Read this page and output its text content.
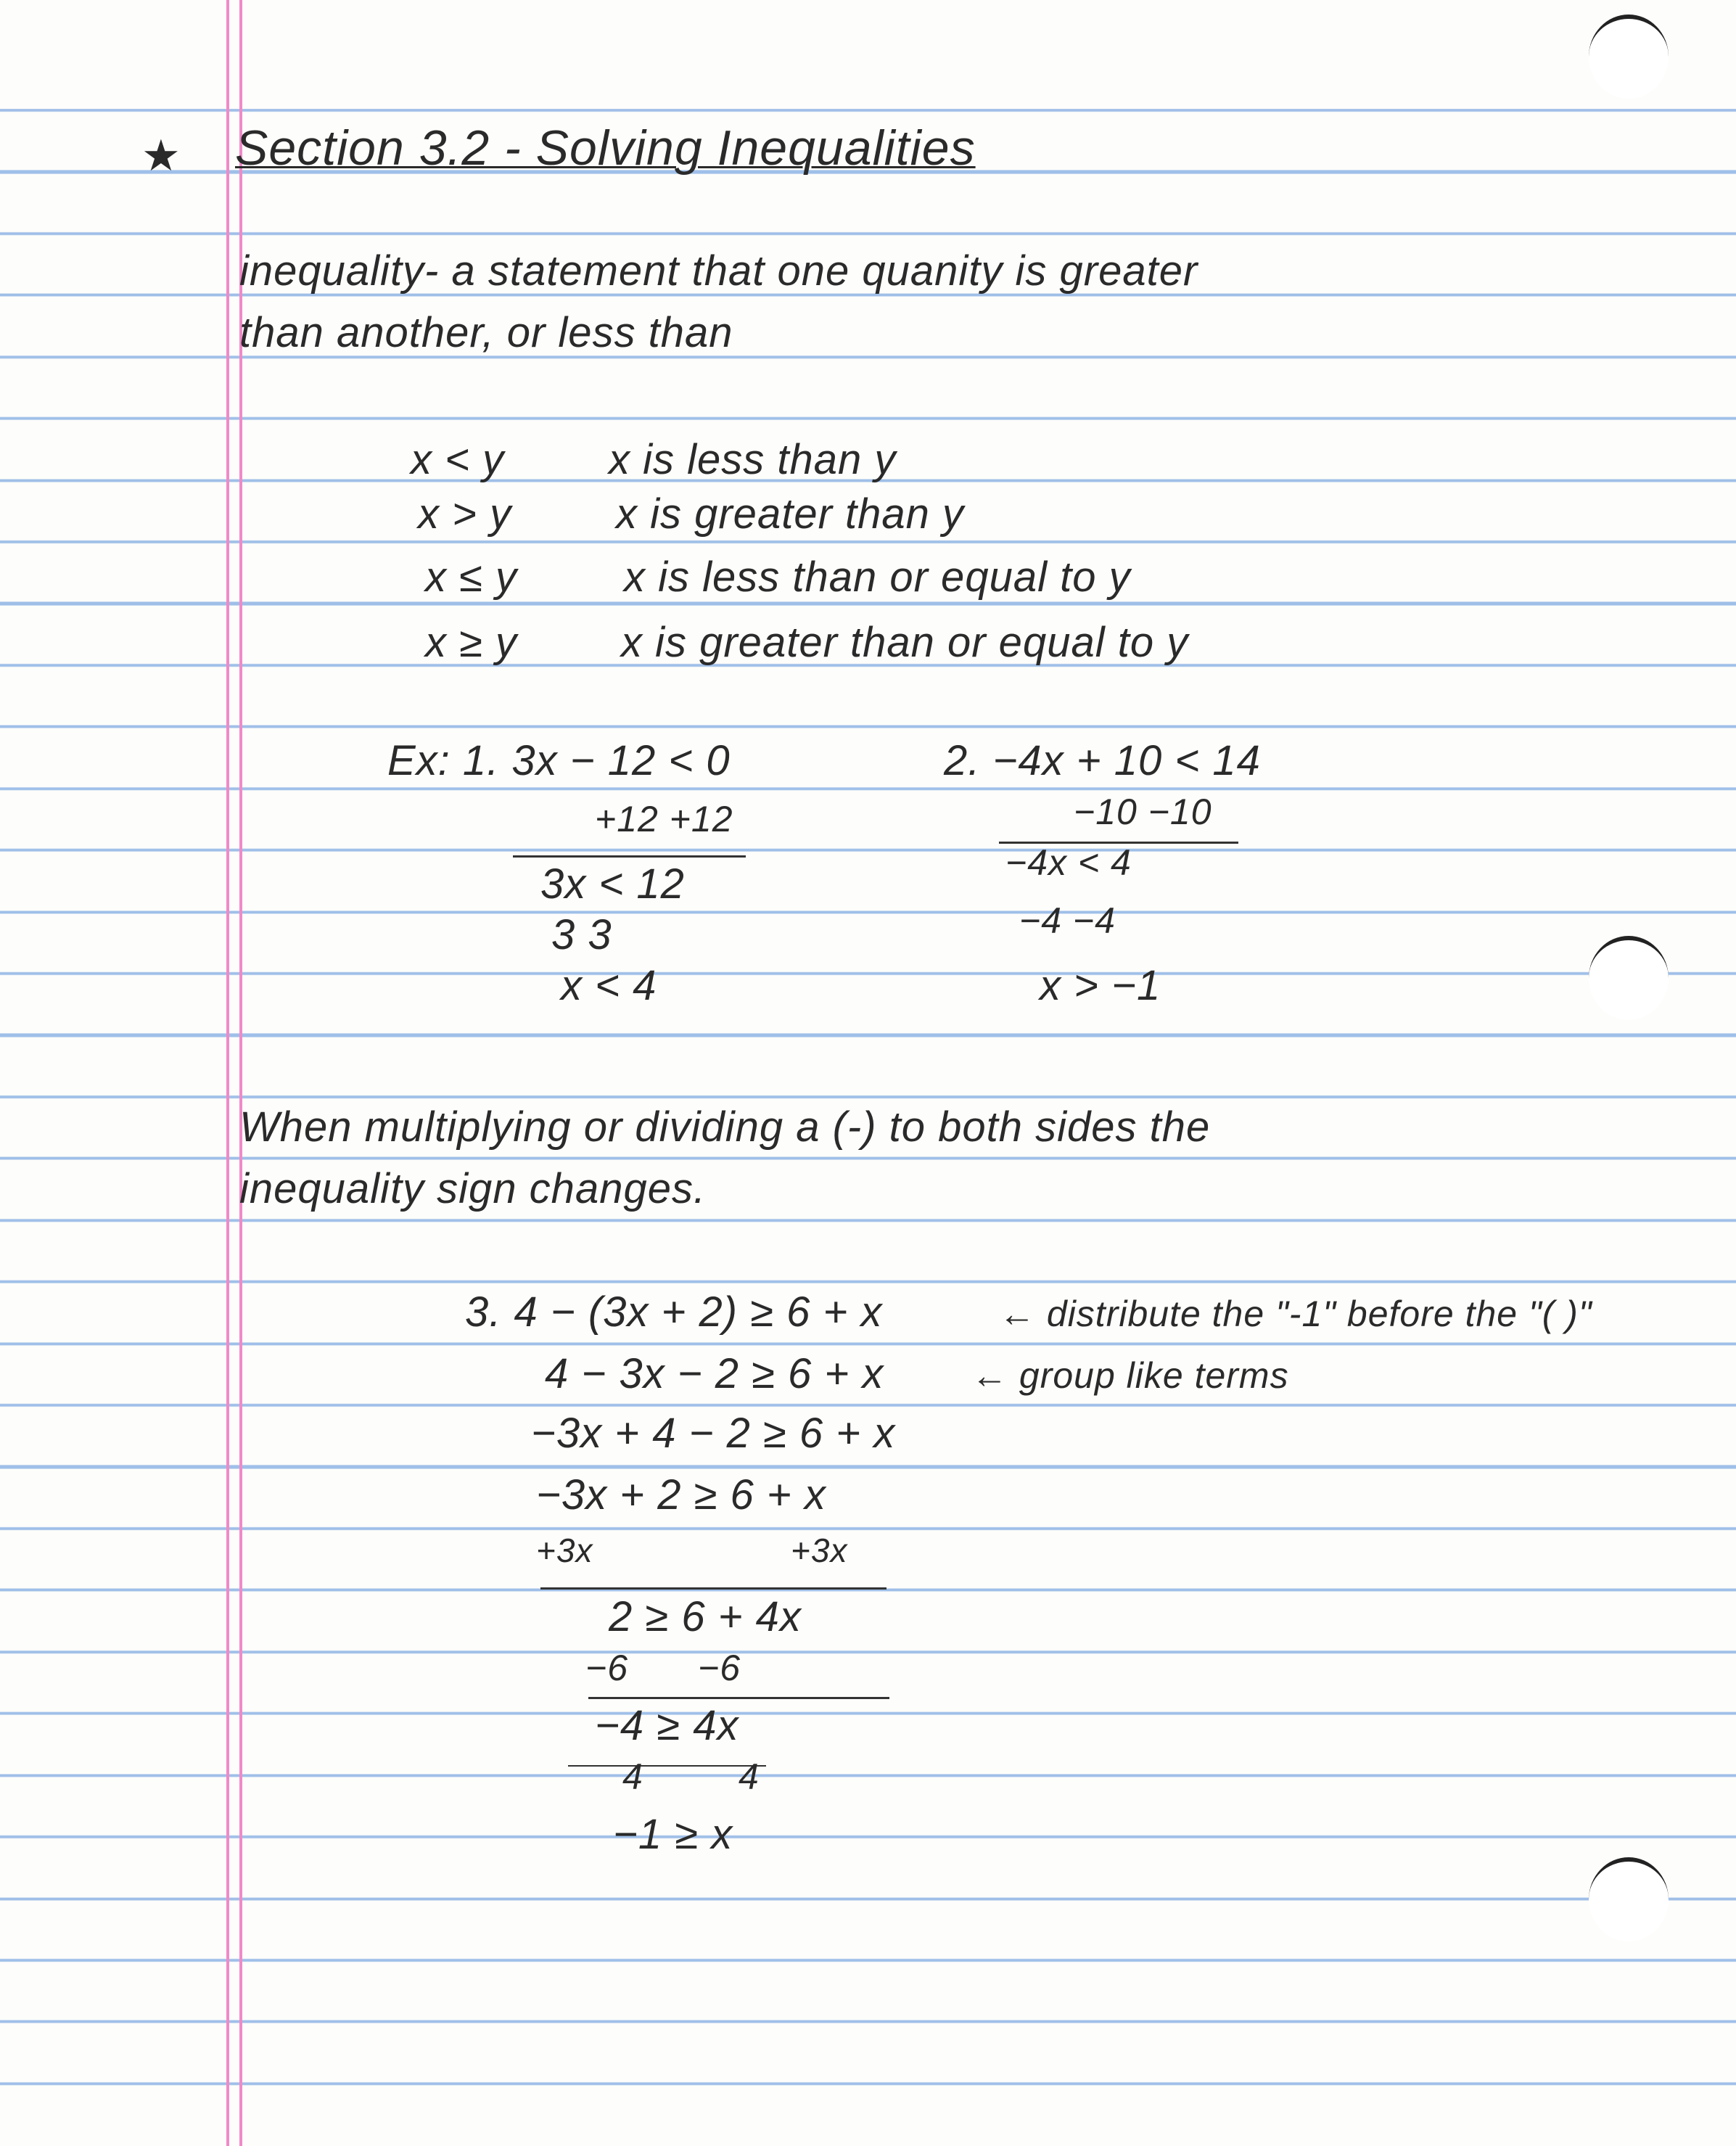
★ Section 3.2 - Solving Inequalities
inequality- a statement that one quanity is greater
than another, or less than
x < y x is less than y
x > y x is greater than y
x ≤ y	x is less than or equal to y
x ≥ y x is greater than or equal to y
Ex: 1. 3x − 12 < 0
+12 +12
3x < 12
3 3
x < 4
2. −4x + 10 < 14
−10 −10
−4x < 4
−4 −4
x > −1
When multiplying or dividing a (-) to both sides the
inequality sign changes.
3. 4 − (3x + 2) ≥ 6 + x	← distribute the "-1" before the "( )"
4 − 3x − 2 ≥ 6 + x ← group like terms
−3x + 4 − 2 ≥ 6 + x
−3x + 2 ≥ 6 + x
+3x	+3x
2 ≥ 6 + 4x
−6 −6
−4 ≥ 4x
4	4
−1 ≥ x
